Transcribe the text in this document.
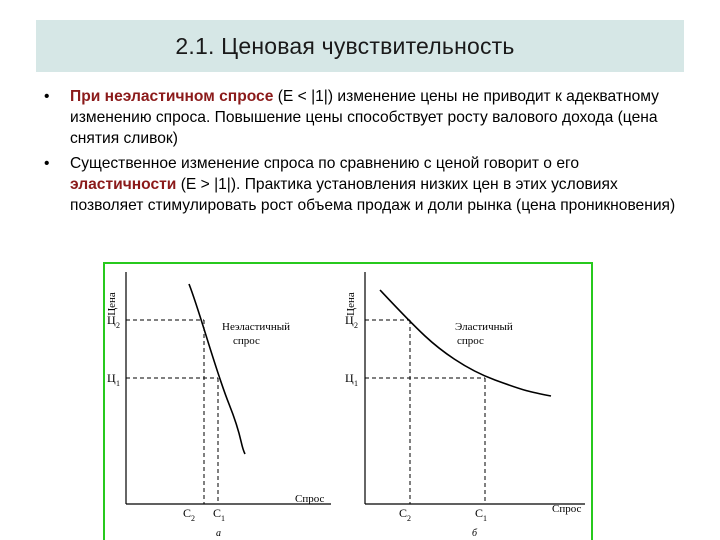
2.1. Ценовая чувствительность
•	При неэластичном спросе (Е < |1|) изменение цены не приводит к адекватному изменению спроса. Повышение цены способствует росту валового дохода (цена снятия сливок)
•	Существенное изменение спроса по сравнению с ценой говорит о его эластичности (Е > |1|). Практика установления низких цен в этих условиях позволяет стимулировать рост объема продаж и доли рынка (цена проникновения)
Цена
Спрос
Неэластичный
спрос
Ц 2
Ц 1
С 2 С 1
а
Цена
Спрос
Эластичный
спрос
Ц 2
Ц 1
С 2	С 1
б
